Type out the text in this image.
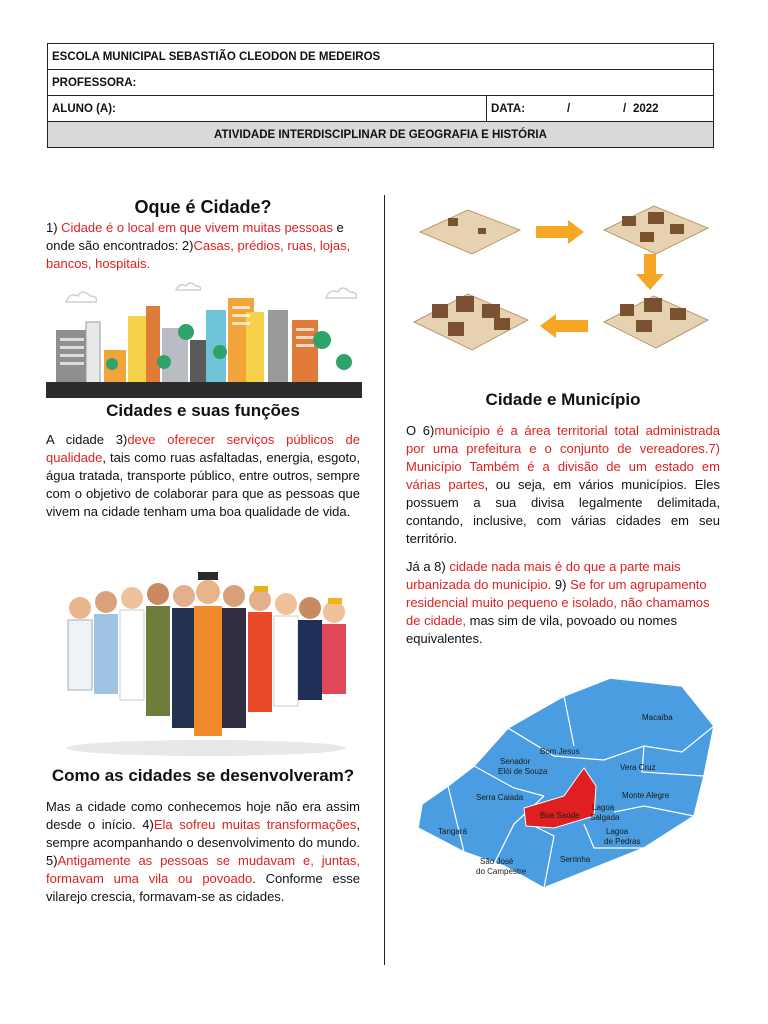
ESCOLA MUNICIPAL SEBASTIÃO CLEODON DE MEDEIROS
PROFESSORA:
ALUNO (A):	DATA:	/	/ 2022
ATIVIDADE INTERDISCIPLINAR DE GEOGRAFIA E HISTÓRIA
Oque é Cidade?
1) Cidade é o local em que vivem muitas pessoas e onde são encontrados: 2)Casas, prédios, ruas, lojas, bancos, hospitais.
Cidades e suas funções
A cidade 3)deve oferecer serviços públicos de qualidade, tais como ruas asfaltadas, energia, esgoto, água tratada, transporte público, entre outros, sempre com o objetivo de colaborar para que as pessoas que vivem na cidade tenham uma boa qualidade de vida.
Como as cidades se desenvolveram?
Mas a cidade como conhecemos hoje não era assim desde o início. 4)Ela sofreu muitas transformações, sempre acompanhando o desenvolvimento do mundo. 5)Antigamente as pessoas se mudavam e, juntas, formavam uma vila ou povoado. Conforme esse vilarejo crescia, formavam-se as cidades.
Cidade e Município
O 6)município é a área territorial total administrada por uma prefeitura e o conjunto de vereadores.7) Município Também é a divisão de um estado em várias partes, ou seja, em vários municípios. Eles possuem a sua divisa legalmente delimitada, contando, inclusive, com várias cidades em seu território.
Já a 8) cidade nada mais é do que a parte mais urbanizada do município. 9) Se for um agrupamento residencial muito pequeno e isolado, não chamamos de cidade, mas sim de vila, povoado ou nomes equivalentes.
Macaíba
Bom Jesus
Senador
Elói de Souza	Vera Cruz
Monte Alegre
Serra Caiada
Lagoa
Salgada
Boa Saúde
Lagoa
de Pedras
Tangará
São José
do Campestre
Serrinha
